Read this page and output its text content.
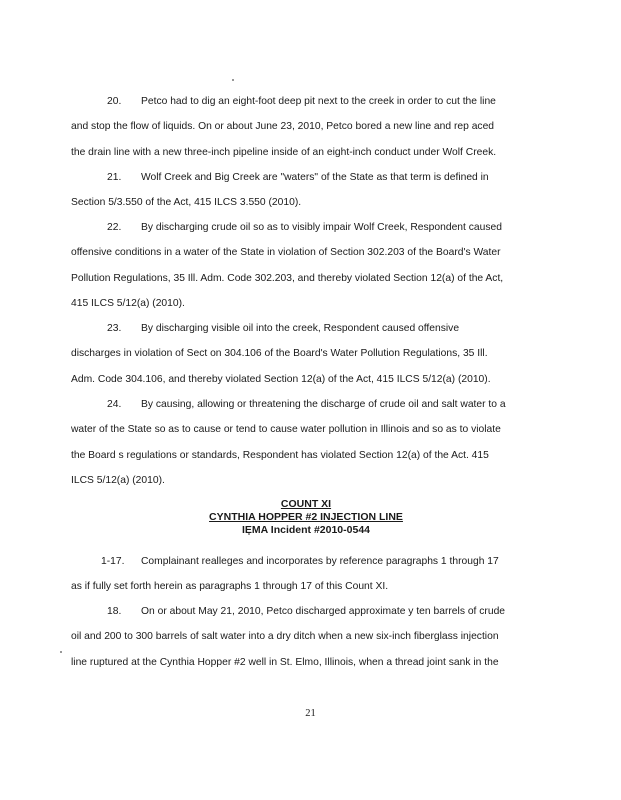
20. Petco had to dig an eight-foot deep pit next to the creek in order to cut the line
and stop the flow of liquids. On or about June 23, 2010, Petco bored a new line and rep aced
the drain line with a new three-inch pipeline inside of an eight-inch conduct under Wolf Creek.
21. Wolf Creek and Big Creek are "waters" of the State as that term is defined in
Section 5/3.550 of the Act, 415 ILCS 3.550 (2010).
22. By discharging crude oil so as to visibly impair Wolf Creek, Respondent caused
offensive conditions in a water of the State in violation of Section 302.203 of the Board's Water
Pollution Regulations, 35 Ill. Adm. Code 302.203, and thereby violated Section 12(a) of the Act,
415 ILCS 5/12(a) (2010).
23. By discharging visible oil into the creek, Respondent caused offensive
discharges in violation of Sect on 304.106 of the Board's Water Pollution Regulations, 35 Ill.
Adm. Code 304.106, and thereby violated Section 12(a) of the Act, 415 ILCS 5/12(a) (2010).
24. By causing, allowing or threatening the discharge of crude oil and salt water to a
water of the State so as to cause or tend to cause water pollution in Illinois and so as to violate
the Board s regulations or standards, Respondent has violated Section 12(a) of the Act. 415
ILCS 5/12(a) (2010).
COUNT XI
CYNTHIA HOPPER #2 INJECTION LINE
IEMA Incident #2010-0544
1-17. Complainant realleges and incorporates by reference paragraphs 1 through 17
as if fully set forth herein as paragraphs 1 through 17 of this Count XI.
18. On or about May 21, 2010, Petco discharged approximate y ten barrels of crude
oil and 200 to 300 barrels of salt water into a dry ditch when a new six-inch fiberglass injection
line ruptured at the Cynthia Hopper #2 well in St. Elmo, Illinois, when a thread joint sank in the
21
